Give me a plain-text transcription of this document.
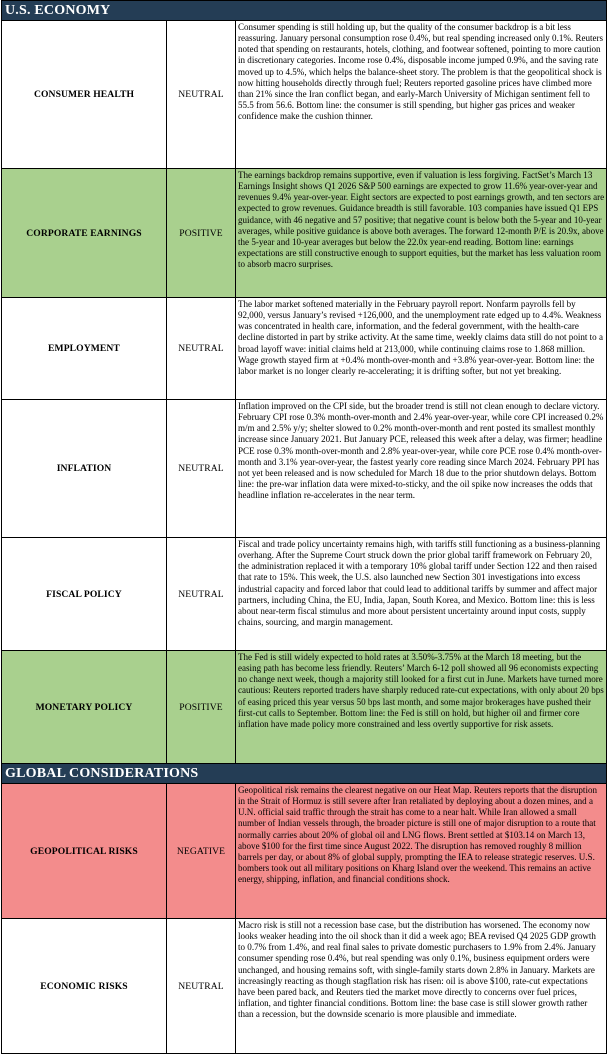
U.S. ECONOMY
CONSUMER HEALTH	NEUTRAL
Consumer spending is still holding up, but the quality of the consumer backdrop is a bit less reassuring. January personal consumption rose 0.4%, but real spending increased only 0.1%. Reuters noted that spending on restaurants, hotels, clothing, and footwear softened, pointing to more caution in discretionary categories. Income rose 0.4%, disposable income jumped 0.9%, and the saving rate moved up to 4.5%, which helps the balance-sheet story. The problem is that the geopolitical shock is now hitting households directly through fuel; Reuters reported gasoline prices have climbed more than 21% since the Iran conflict began, and early-March University of Michigan sentiment fell to 55.5 from 56.6. Bottom line: the consumer is still spending, but higher gas prices and weaker confidence make the cushion thinner.
CORPORATE EARNINGS	POSITIVE
The earnings backdrop remains supportive, even if valuation is less forgiving. FactSet’s March 13 Earnings Insight shows Q1 2026 S&P 500 earnings are expected to grow 11.6% year-over-year and revenues 9.4% year-over-year. Eight sectors are expected to post earnings growth, and ten sectors are expected to grow revenues. Guidance breadth is still favorable. 103 companies have issued Q1 EPS guidance, with 46 negative and 57 positive; that negative count is below both the 5-year and 10-year averages, while positive guidance is above both averages. The forward 12-month P/E is 20.9x, above the 5-year and 10-year averages but below the 22.0x year-end reading. Bottom line: earnings expectations are still constructive enough to support equities, but the market has less valuation room to absorb macro surprises.
EMPLOYMENT	NEUTRAL
The labor market softened materially in the February payroll report. Nonfarm payrolls fell by 92,000, versus January’s revised +126,000, and the unemployment rate edged up to 4.4%. Weakness was concentrated in health care, information, and the federal government, with the health-care decline distorted in part by strike activity. At the same time, weekly claims data still do not point to a broad layoff wave: initial claims held at 213,000, while continuing claims rose to 1.868 million. Wage growth stayed firm at +0.4% month-over-month and +3.8% year-over-year. Bottom line: the labor market is no longer clearly re-accelerating; it is drifting softer, but not yet breaking.
INFLATION	NEUTRAL
Inflation improved on the CPI side, but the broader trend is still not clean enough to declare victory. February CPI rose 0.3% month-over-month and 2.4% year-over-year, while core CPI increased 0.2% m/m and 2.5% y/y; shelter slowed to 0.2% month-over-month and rent posted its smallest monthly increase since January 2021. But January PCE, released this week after a delay, was firmer; headline PCE rose 0.3% month-over-month and 2.8% year-over-year, while core PCE rose 0.4% month-over-month and 3.1% year-over-year, the fastest yearly core reading since March 2024. February PPI has not yet been released and is now scheduled for March 18 due to the prior shutdown delays. Bottom line: the pre-war inflation data were mixed-to-sticky, and the oil spike now increases the odds that headline inflation re-accelerates in the near term.
FISCAL POLICY	NEUTRAL
Fiscal and trade policy uncertainty remains high, with tariffs still functioning as a business-planning overhang. After the Supreme Court struck down the prior global tariff framework on February 20, the administration replaced it with a temporary 10% global tariff under Section 122 and then raised that rate to 15%. This week, the U.S. also launched new Section 301 investigations into excess industrial capacity and forced labor that could lead to additional tariffs by summer and affect major partners, including China, the EU, India, Japan, South Korea, and Mexico. Bottom line: this is less about near-term fiscal stimulus and more about persistent uncertainty around input costs, supply chains, sourcing, and margin management.
MONETARY POLICY	POSITIVE
The Fed is still widely expected to hold rates at 3.50%-3.75% at the March 18 meeting, but the easing path has become less friendly. Reuters’ March 6-12 poll showed all 96 economists expecting no change next week, though a majority still looked for a first cut in June. Markets have turned more cautious: Reuters reported traders have sharply reduced rate-cut expectations, with only about 20 bps of easing priced this year versus 50 bps last month, and some major brokerages have pushed their first-cut calls to September. Bottom line: the Fed is still on hold, but higher oil and firmer core inflation have made policy more constrained and less overtly supportive for risk assets.
GLOBAL CONSIDERATIONS
GEOPOLITICAL RISKS	NEGATIVE
Geopolitical risk remains the clearest negative on our Heat Map. Reuters reports that the disruption in the Strait of Hormuz is still severe after Iran retaliated by deploying about a dozen mines, and a U.N. official said traffic through the strait has come to a near halt. While Iran allowed a small number of Indian vessels through, the broader picture is still one of major disruption to a route that normally carries about 20% of global oil and LNG flows. Brent settled at $103.14 on March 13, above $100 for the first time since August 2022. The disruption has removed roughly 8 million barrels per day, or about 8% of global supply, prompting the IEA to release strategic reserves. U.S. bombers took out all military positions on Kharg Island over the weekend. This remains an active energy, shipping, inflation, and financial conditions shock.
ECONOMIC RISKS	NEUTRAL
Macro risk is still not a recession base case, but the distribution has worsened. The economy now looks weaker heading into the oil shock than it did a week ago; BEA revised Q4 2025 GDP growth to 0.7% from 1.4%, and real final sales to private domestic purchasers to 1.9% from 2.4%. January consumer spending rose 0.4%, but real spending was only 0.1%, business equipment orders were unchanged, and housing remains soft, with single-family starts down 2.8% in January. Markets are increasingly reacting as though stagflation risk has risen: oil is above $100, rate-cut expectations have been pared back, and Reuters tied the market move directly to concerns over fuel prices, inflation, and tighter financial conditions. Bottom line: the base case is still slower growth rather than a recession, but the downside scenario is more plausible and immediate.
